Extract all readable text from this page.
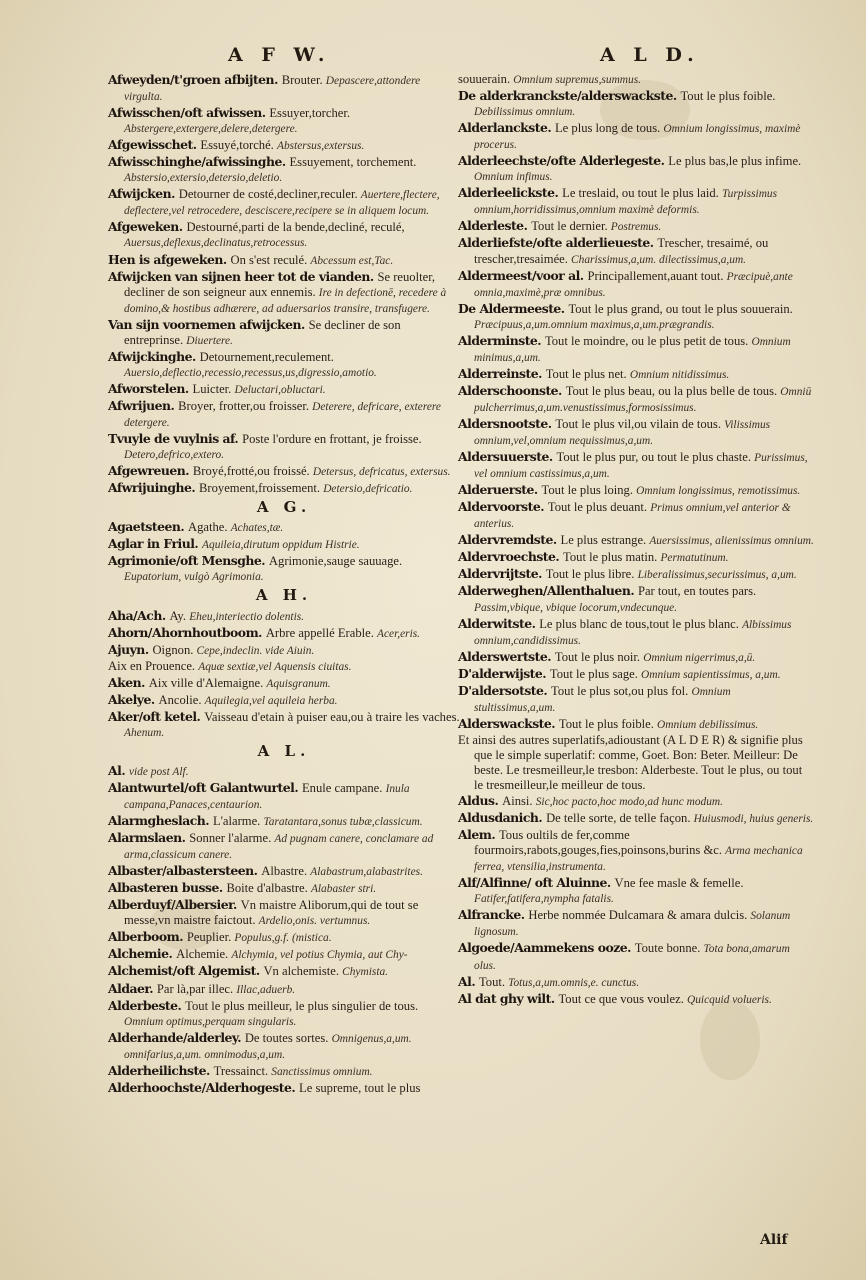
A F W.	A L D.

Afweyden/t'groen afbijten. Brouter. Depascere,attondere virgulta.

Afwisschen/oft afwissen. Essuyer,torcher. Abstergere,extergere,delere,detergere.

Afgewisschet. Essuyé,torché. Abstersus,extersus.

Afwisschinghe/afwissinghe. Essuyement, torchement. Abstersio,extersio,detersio,deletio.

Afwijcken. Detourner de costé,decliner,reculer. Auertere,flectere, deflectere,vel retrocedere, desciscere,recipere se in aliquem locum.

Afgeweken. Destourné,parti de la bende,decliné, reculé, Auersus,deflexus,declinatus,retrocessus.

Hen is afgeweken. On s'est reculé. Abcessum est,Tac.

Afwijcken van sijnen heer tot de vianden. Se reuolter, decliner de son seigneur aux ennemis. Ire in defectionē, recedere à domino,& hostibus adhærere, ad aduersarios transire, transfugere.

Van sijn voornemen afwijcken. Se decliner de son entreprinse. Diuertere.

Afwijckinghe. Detournement,reculement. Auersio,deflectio,recessio,recessus,us,digressio,amotio.

Afworstelen. Luicter. Deluctari,obluctari.

Afwrijuen. Broyer, frotter,ou froisser. Deterere, defricare, exterere detergere.

Tvuyle de vuylnis af. Poste l'ordure en frottant, je froisse. Detero,defrico,extero.

Afgewreuen. Broyé,frotté,ou froissé. Detersus, defricatus, extersus.

Afwrijuinghe. Broyement,froissement. Detersio,defricatio.

A G.

Agaetsteen. Agathe. Achates,tæ.

Aglar in Friul. Aquileia,dirutum oppidum Histrie.

Agrimonie/oft Mensghe. Agrimonie,sauge sauuage. Eupatorium, vulgò Agrimonia.

A H.

Aha/Ach. Ay. Eheu,interiectio dolentis.

Ahorn/Ahornhoutboom. Arbre appellé Erable. Acer,eris.

Ajuyn. Oignon. Cepe,indeclin. vide Aiuin.

Aix en Prouence. Aquæ sextiæ,vel Aquensis ciuitas.

Aken. Aix ville d'Alemaigne. Aquisgranum.

Akelye. Ancolie. Aquilegia,vel aquileia herba.

Aker/oft ketel. Vaisseau d'etain à puiser eau,ou à traire les vaches. Ahenum.

A L.

Al. vide post Alf.

Alantwurtel/oft Galantwurtel. Enule campane. Inula campana,Panaces,centaurion.

Alarmgheslach. L'alarme. Taratantara,sonus tubæ,classicum.

Alarmslaen. Sonner l'alarme. Ad pugnam canere, conclamare ad arma,classicum canere.

Albaster/albastersteen. Albastre. Alabastrum,alabastrites.

Albasteren busse. Boite d'albastre. Alabaster stri.

Alberduyf/Albersier. Vn maistre Aliborum,qui de tout se messe,vn maistre faictout. Ardelio,onis. vertumnus.

Alberboom. Peuplier. Populus,g.f. (mistica.

Alchemie. Alchemie. Alchymia, vel potius Chymia, aut Chy-

Alchemist/oft Algemist. Vn alchemiste. Chymista.

Aldaer. Par là,par illec. Illac,aduerb.

Alderbeste. Tout le plus meilleur, le plus singulier de tous. Omnium optimus,perquam singularis.

Alderhande/alderley. De toutes sortes. Omnigenus,a,um. omnifarius,a,um. omnimodus,a,um.

Alderheilichste. Tressainct. Sanctissimus omnium.

Alderhoochste/Alderhogeste. Le supreme, tout le plus

souuerain. Omnium supremus,summus.

De alderkranckste/alderswackste. Tout le plus foible. Debilissimus omnium.

Alderlanckste. Le plus long de tous. Omnium longissimus, maximè procerus.

Alderleechste/ofte Alderlegeste. Le plus bas,le plus infime. Omnium infimus.

Alderleelickste. Le treslaid, ou tout le plus laid. Turpissimus omnium,horridissimus,omnium maximè deformis.

Alderleste. Tout le dernier. Postremus.

Alderliefste/ofte alderlieueste. Trescher, tresaimé, ou trescher,tresaimée. Charissimus,a,um. dilectissimus,a,um.

Aldermeest/voor al. Principallement,auant tout. Præcipuè,ante omnia,maximè,præ omnibus.

De Aldermeeste. Tout le plus grand, ou tout le plus souuerain. Præcipuus,a,um.omnium maximus,a,um.prægrandis.

Alderminste. Tout le moindre, ou le plus petit de tous. Omnium minimus,a,um.

Alderreinste. Tout le plus net. Omnium nitidissimus.

Alderschoonste. Tout le plus beau, ou la plus belle de tous. Omniū pulcherrimus,a,um.venustissimus,formosissimus.

Aldersnootste. Tout le plus vil,ou vilain de tous. Vilissimus omnium,vel,omnium nequissimus,a,um.

Aldersuuerste. Tout le plus pur, ou tout le plus chaste. Purissimus, vel omnium castissimus,a,um.

Alderuerste. Tout le plus loing. Omnium longissimus, remotissimus.

Aldervoorste. Tout le plus deuant. Primus omnium,vel anterior & anterius.

Aldervremdste. Le plus estrange. Auersissimus, alienissimus omnium.

Aldervroechste. Tout le plus matin. Permatutinum.

Aldervrijtste. Tout le plus libre. Liberalissimus,securissimus, a,um.

Alderweghen/Allenthaluen. Par tout, en toutes pars. Passim,vbique, vbique locorum,vndecunque.

Alderwitste. Le plus blanc de tous,tout le plus blanc. Albissimus omnium,candidissimus.

Alderswertste. Tout le plus noir. Omnium nigerrimus,a,ū.

D'alderwijste. Tout le plus sage. Omnium sapientissimus, a,um.

D'aldersotste. Tout le plus sot,ou plus fol. Omnium stultissimus,a,um.

Alderswackste. Tout le plus foible. Omnium debilissimus.

Et ainsi des autres superlatifs,adioustant (A L D E R) & signifie plus que le simple superlatif: comme, Goet. Bon: Beter. Meilleur: De beste. Le tresmeilleur,le tresbon: Alderbeste. Tout le plus, ou tout le tresmeilleur,le meilleur de tous.

Aldus. Ainsi. Sic,hoc pacto,hoc modo,ad hunc modum.

Aldusdanich. De telle sorte, de telle façon. Huiusmodi, huius generis.

Alem. Tous oultils de fer,comme fourmoirs,rabots,gouges,fies,poinsons,burins &c. Arma mechanica ferrea, vtensilia,instrumenta.

Alf/Alfinne/ oft Aluinne. Vne fee masle & femelle. Fatifer,fatifera,nympha fatalis.

Alfrancke. Herbe nommée Dulcamara & amara dulcis. Solanum lignosum.

Algoede/Aammekens ooze. Toute bonne. Tota bona,amarum olus.

Al. Tout. Totus,a,um.omnis,e. cunctus.

Al dat ghy wilt. Tout ce que vous voulez. Quicquid volueris.

Alif
